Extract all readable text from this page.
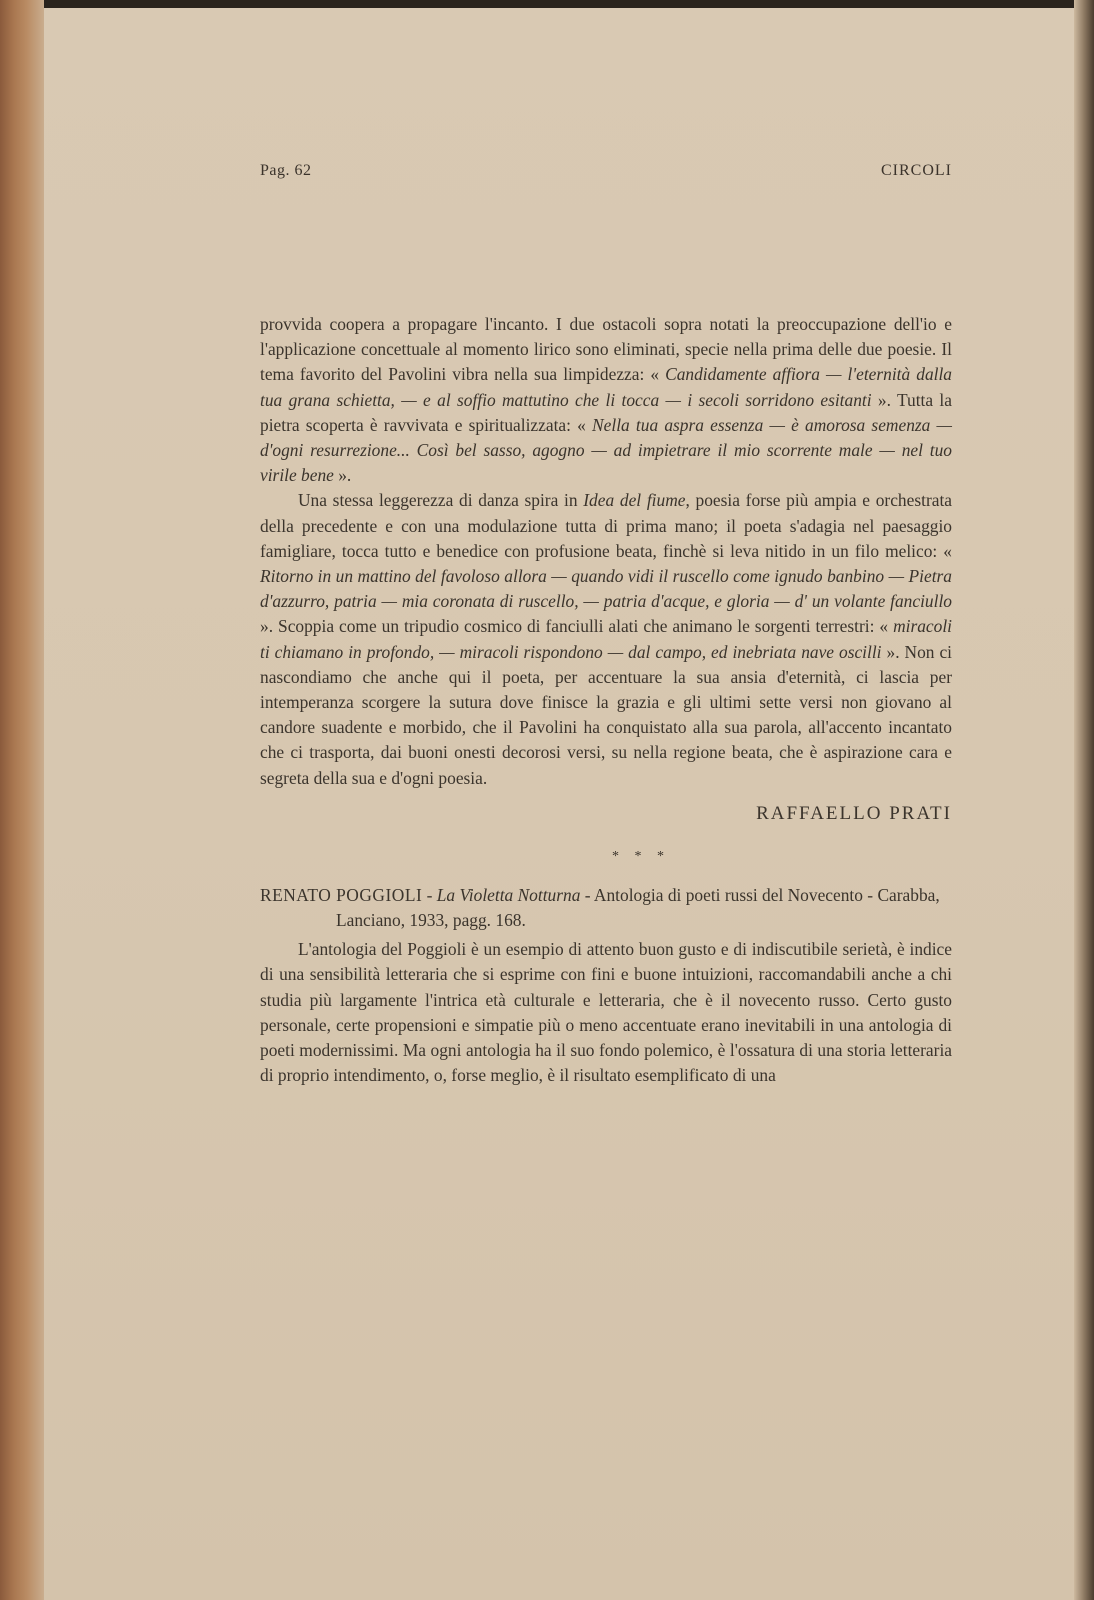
Pag. 62	CIRCOLI

provvida coopera a propagare l'incanto. I due ostacoli sopra notati la preoccupazione dell'io e l'applicazione concettuale al momento lirico sono eliminati, specie nella prima delle due poesie. Il tema favorito del Pavolini vibra nella sua limpidezza: « Candidamente affiora — l'eternità dalla tua grana schietta, — e al soffio mattutino che li tocca — i secoli sorridono esitanti ». Tutta la pietra scoperta è ravvivata e spiritualizzata: « Nella tua aspra essenza — è amorosa semenza — d'ogni resurrezione... Così bel sasso, agogno — ad impietrare il mio scorrente male — nel tuo virile bene ».

Una stessa leggerezza di danza spira in Idea del fiume, poesia forse più ampia e orchestrata della precedente e con una modulazione tutta di prima mano; il poeta s'adagia nel paesaggio famigliare, tocca tutto e benedice con profusione beata, finchè si leva nitido in un filo melico: « Ritorno in un mattino del favoloso allora — quando vidi il ruscello come ignudo banbino — Pietra d'azzurro, patria — mia coronata di ruscello, — patria d'acque, e gloria — d' un volante fanciullo ». Scoppia come un tripudio cosmico di fanciulli alati che animano le sorgenti terrestri: « miracoli ti chiamano in profondo, — miracoli rispondono — dal campo, ed inebriata nave oscilli ». Non ci nascondiamo che anche qui il poeta, per accentuare la sua ansia d'eternità, ci lascia per intemperanza scorgere la sutura dove finisce la grazia e gli ultimi sette versi non giovano al candore suadente e morbido, che il Pavolini ha conquistato alla sua parola, all'accento incantato che ci trasporta, dai buoni onesti decorosi versi, su nella regione beata, che è aspirazione cara e segreta della sua e d'ogni poesia.

RAFFAELLO PRATI

* * *

RENATO POGGIOLI - La Violetta Notturna - Antologia di poeti russi del Novecento - Carabba, Lanciano, 1933, pagg. 168.

L'antologia del Poggioli è un esempio di attento buon gusto e di indiscutibile serietà, è indice di una sensibilità letteraria che si esprime con fini e buone intuizioni, raccomandabili anche a chi studia più largamente l'intrica età culturale e letteraria, che è il novecento russo. Certo gusto personale, certe propensioni e simpatie più o meno accentuate erano inevitabili in una antologia di poeti modernissimi. Ma ogni antologia ha il suo fondo polemico, è l'ossatura di una storia letteraria di proprio intendimento, o, forse meglio, è il risultato esemplificato di una
